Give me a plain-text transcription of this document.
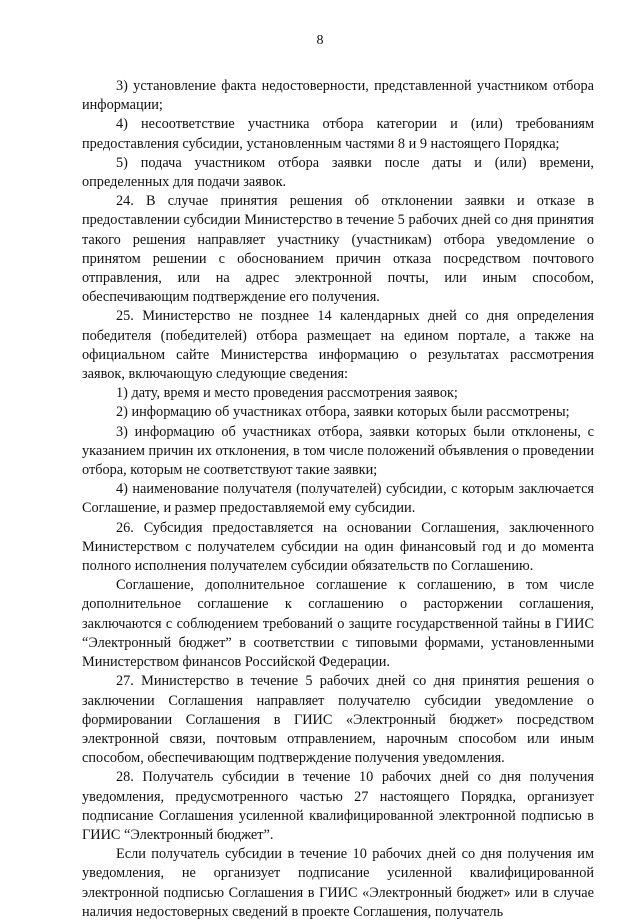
8

3) установление факта недостоверности, представленной участником отбора информации;

4) несоответствие участника отбора категории и (или) требованиям предоставления субсидии, установленным частями 8 и 9 настоящего Порядка;

5) подача участником отбора заявки после даты и (или) времени, определенных для подачи заявок.

24. В случае принятия решения об отклонении заявки и отказе в предоставлении субсидии Министерство в течение 5 рабочих дней со дня принятия такого решения направляет участнику (участникам) отбора уведомление о принятом решении с обоснованием причин отказа посредством почтового отправления, или на адрес электронной почты, или иным способом, обеспечивающим подтверждение его получения.

25. Министерство не позднее 14 календарных дней со дня определения победителя (победителей) отбора размещает на едином портале, а также на официальном сайте Министерства информацию о результатах рассмотрения заявок, включающую следующие сведения:

1) дату, время и место проведения рассмотрения заявок;

2) информацию об участниках отбора, заявки которых были рассмотрены;

3) информацию об участниках отбора, заявки которых были отклонены, с указанием причин их отклонения, в том числе положений объявления о проведении отбора, которым не соответствуют такие заявки;

4) наименование получателя (получателей) субсидии, с которым заключается Соглашение, и размер предоставляемой ему субсидии.

26. Субсидия предоставляется на основании Соглашения, заключенного Министерством с получателем субсидии на один финансовый год и до момента полного исполнения получателем субсидии обязательств по Соглашению.

Соглашение, дополнительное соглашение к соглашению, в том числе дополнительное соглашение к соглашению о расторжении соглашения, заключаются с соблюдением требований о защите государственной тайны в ГИИС “Электронный бюджет” в соответствии с типовыми формами, установленными Министерством финансов Российской Федерации.

27. Министерство в течение 5 рабочих дней со дня принятия решения о заключении Соглашения направляет получателю субсидии уведомление о формировании Соглашения в ГИИС «Электронный бюджет» посредством электронной связи, почтовым отправлением, нарочным способом или иным способом, обеспечивающим подтверждение получения уведомления.

28. Получатель субсидии в течение 10 рабочих дней со дня получения уведомления, предусмотренного частью 27 настоящего Порядка, организует подписание Соглашения усиленной квалифицированной электронной подписью в ГИИС “Электронный бюджет”.

Если получатель субсидии в течение 10 рабочих дней со дня получения им уведомления, не организует подписание усиленной квалифицированной электронной подписью Соглашения в ГИИС «Электронный бюджет» или в случае наличия недостоверных сведений в проекте Соглашения, получатель
